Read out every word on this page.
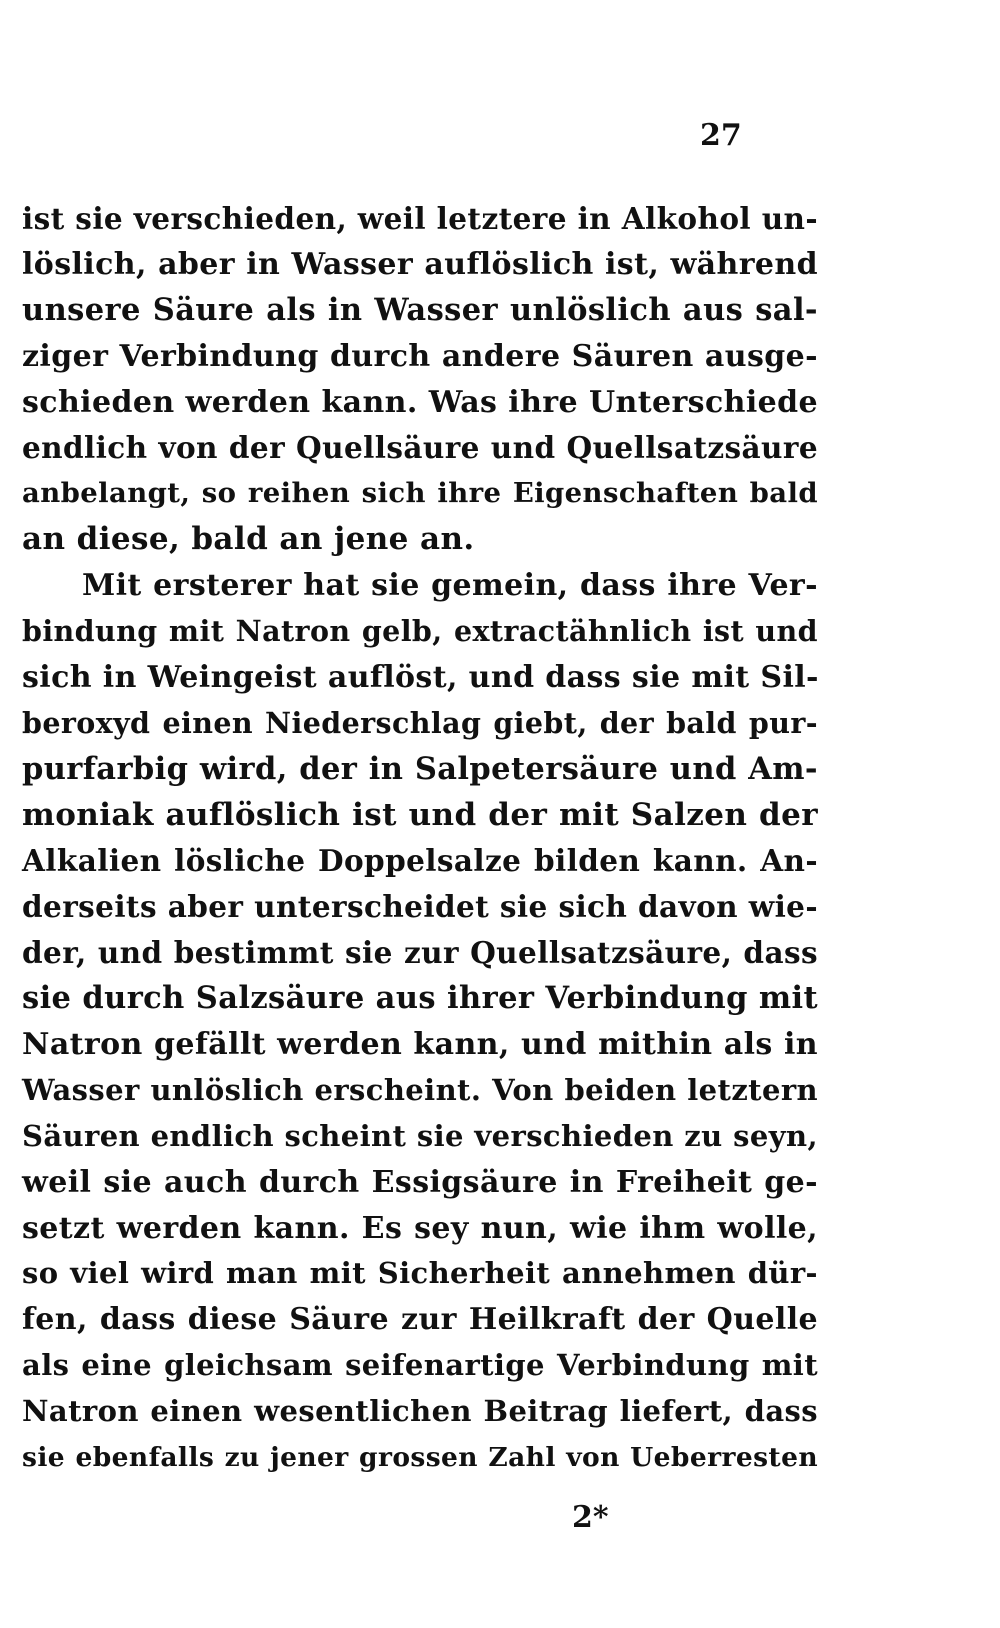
27
ist sie verschieden, weil letztere in Alkohol un-
löslich, aber in Wasser auflöslich ist, während
unsere Säure als in Wasser unlöslich aus sal-
ziger Verbindung durch andere Säuren ausge-
schieden werden kann. Was ihre Unterschiede
endlich von der Quellsäure und Quellsatzsäure
anbelangt, so reihen sich ihre Eigenschaften bald
an diese, bald an jene an.
Mit ersterer hat sie gemein, dass ihre Ver-
bindung mit Natron gelb, extractähnlich ist und
sich in Weingeist auflöst, und dass sie mit Sil-
beroxyd einen Niederschlag giebt, der bald pur-
purfarbig wird, der in Salpetersäure und Am-
moniak auflöslich ist und der mit Salzen der
Alkalien lösliche Doppelsalze bilden kann. An-
derseits aber unterscheidet sie sich davon wie-
der, und bestimmt sie zur Quellsatzsäure, dass
sie durch Salzsäure aus ihrer Verbindung mit
Natron gefällt werden kann, und mithin als in
Wasser unlöslich erscheint. Von beiden letztern
Säuren endlich scheint sie verschieden zu seyn,
weil sie auch durch Essigsäure in Freiheit ge-
setzt werden kann. Es sey nun, wie ihm wolle,
so viel wird man mit Sicherheit annehmen dür-
fen, dass diese Säure zur Heilkraft der Quelle
als eine gleichsam seifenartige Verbindung mit
Natron einen wesentlichen Beitrag liefert, dass
sie ebenfalls zu jener grossen Zahl von Ueberresten
2*
